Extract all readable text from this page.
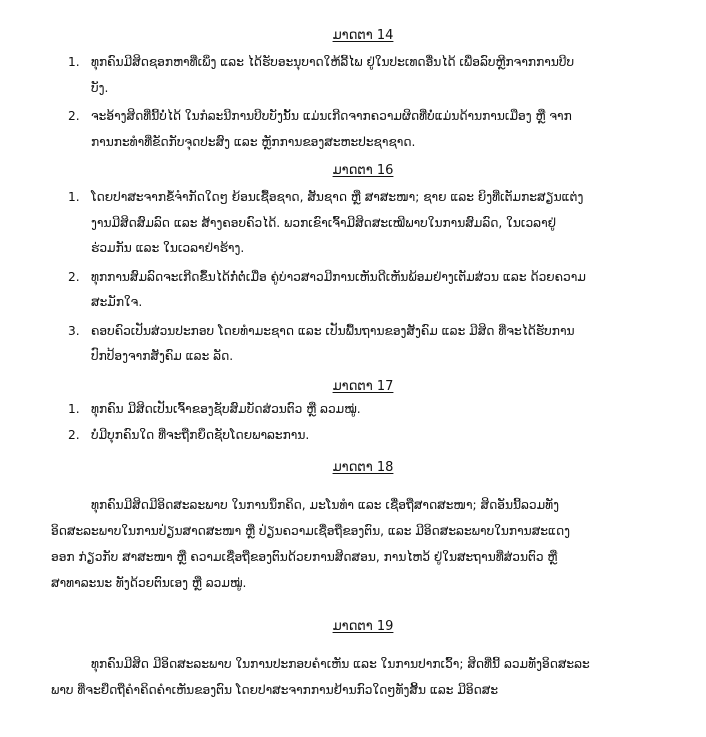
ມາດຕາ 14
1. ທຸກຄົນມີສິດຊອກຫາທີ່ເພິ່ງ ແລະ ໄດ້ຮັບອະນຸບາດໃຫ້ລີ້ໄພ ຢູ່ໃນປະເທດອື່ນໄດ້ ເພື່ອລົບຫຼີກຈາກການບີບບັງ.
2. ຈະອ້າງສິດທີ່ນີ້ບໍ່ໄດ້ ໃນກໍລະນີການບີບບັງນັ້ນ ແມ່ນເກີດຈາກຄວາມຜິດທີ່ບໍ່ແມ່ນດ້ານການເມືອງ ຫຼື ຈາກການກະທຳທີ່ຂັດກັບຈຸດປະສົງ ແລະ ຫຼັກການຂອງສະຫະປະຊາຊາດ.
ມາດຕາ 16
1. ໂດຍປາສະຈາກຂໍ້ຈຳກັດໃດໆ ຍ້ອນເຊື້ອຊາດ, ສັນຊາດ ຫຼື ສາສະໜາ; ຊາຍ ແລະ ຍິງທີ່ເຕັມກະສຽນແຕ່ງງານມີສິດສົມລົດ ແລະ ສ້າງຄອບຄົວໄດ້. ພວກເຂົາເຈົ້າມີສິດສະເໝີພາບໃນການສົມລົດ, ໃນເວລາຢູ່ຮ່ວມກັນ ແລະ ໃນເວລາຢ່າຮ້າງ.
2. ທຸກການສົມລົດຈະເກີດຂຶ້ນໄດ້ກໍ່ຕໍ່ເມື່ອ ຄູ່ບ່າວສາວມີການເຫັນດີເຫັນພ້ອມຢ່າງເຕັມສ່ວນ ແລະ ດ້ວຍຄວາມສະມັກໃຈ.
3. ຄອບຄົວເປັນສ່ວນປະກອບ ໂດຍທຳມະຊາດ ແລະ ເປັນພື້ນຖານຂອງສັງຄົມ ແລະ ມີສິດ ທີ່ຈະໄດ້ຮັບການປົກປ້ອງຈາກສັງຄົມ ແລະ ລັດ.
ມາດຕາ 17
1. ທຸກຄົນ ມີສິດເປັນເຈົ້າຂອງຊັບສົມບັດສ່ວນຕົວ ຫຼື ລວມໝູ່.
2. ບໍ່ມີບຸກຄົນໃດ ທີ່ຈະຖືກຍຶດຊັບໂດຍພາລະການ.
ມາດຕາ 18

ທຸກຄົນມີສິດມີອິດສະລະພາບ ໃນການນຶກຄິດ, ມະໂນທຳ ແລະ ເຊື່ອຖືສາດສະໜາ; ສິດອັນນີ້ລວມທັງອິດສະລະພາບໃນການປ່ຽນສາດສະໜາ ຫຼື ປ່ຽນຄວາມເຊື່ອຖືຂອງຕົນ, ແລະ ມີອິດສະລະພາບໃນການສະແດງອອກ ກ່ຽວກັບ ສາສະໜາ ຫຼື ຄວາມເຊື່ອຖືຂອງຕົນດ້ວຍການສິດສອນ, ການໄຫວ້ ຢູ່ໃນສະຖານທີ່ສ່ວນຕົວ ຫຼື ສາທາລະນະ ທັງດ້ວຍຕົນເອງ ຫຼື ລວມໝູ່.

ມາດຕາ 19

ທຸກຄົນມີສິດ ມີອິດສະລະພາບ ໃນການປະກອບຄຳເຫັນ ແລະ ໃນການປາກເວົ້າ; ສິດທີ່ນີ້ ລວມທັງອິດສະລະພາບ ທີ່ຈະຢຶດຖືຄຳຄິດຄຳເຫັນຂອງຕົນ ໂດຍປາສະຈາກການຢ້ານກົວໃດໆທັງສິ້ນ ແລະ ມີອິດສະ
